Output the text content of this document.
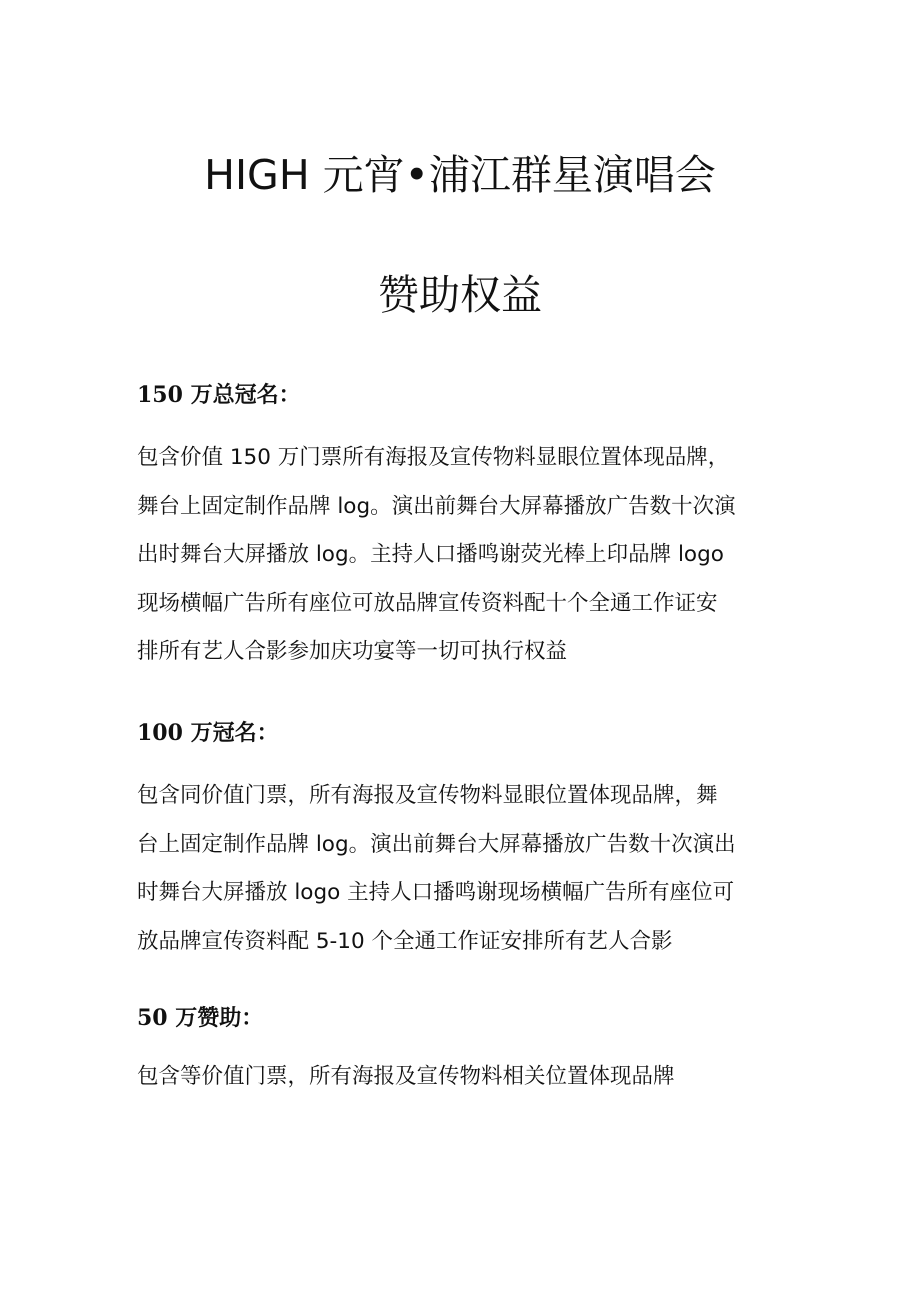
HIGH 元宵•浦江群星演唱会
赞助权益
150 万总冠名：

包含价值 150 万门票所有海报及宣传物料显眼位置体现品牌，
舞台上固定制作品牌 log。演出前舞台大屏幕播放广告数十次演
出时舞台大屏播放 log。主持人口播鸣谢荧光棒上印品牌 logo
现场横幅广告所有座位可放品牌宣传资料配十个全通工作证安
排所有艺人合影参加庆功宴等一切可执行权益

100 万冠名：

包含同价值门票，所有海报及宣传物料显眼位置体现品牌，舞
台上固定制作品牌 log。演出前舞台大屏幕播放广告数十次演出
时舞台大屏播放 logo 主持人口播鸣谢现场横幅广告所有座位可
放品牌宣传资料配 5-10 个全通工作证安排所有艺人合影

50 万赞助：

包含等价值门票，所有海报及宣传物料相关位置体现品牌
